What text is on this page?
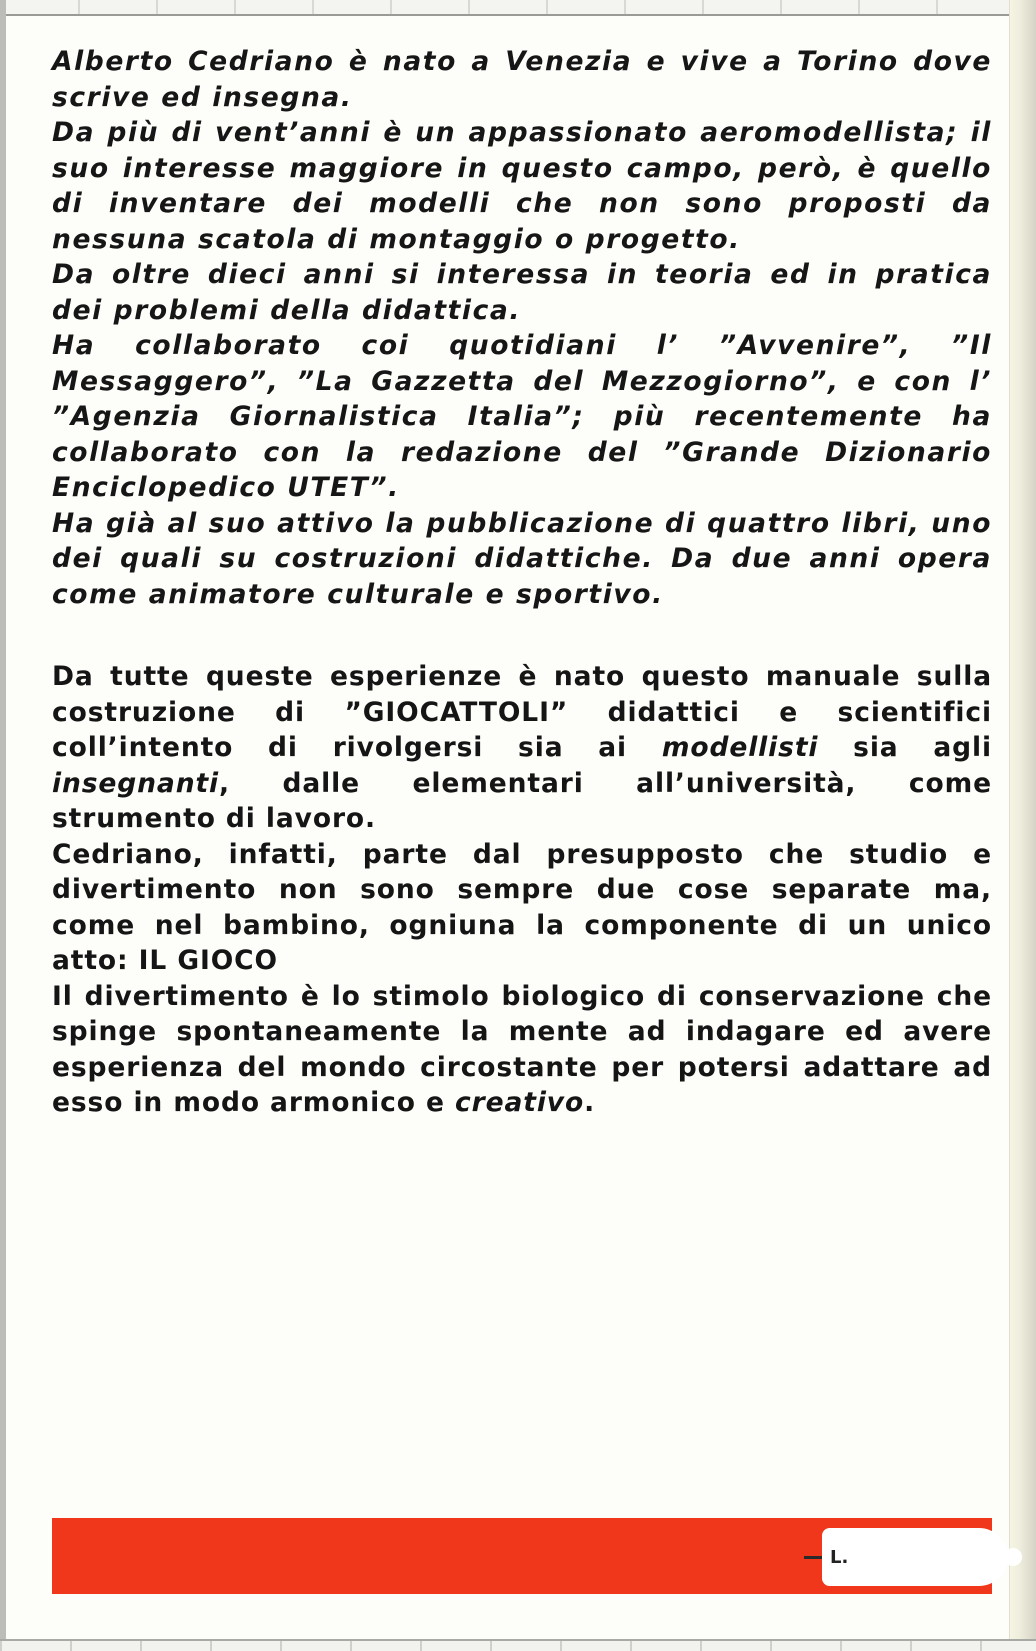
Alberto Cedriano è nato a Venezia e vive a Torino dove scrive ed insegna.

Da più di vent’anni è un appassionato aeromodellista; il suo interesse maggiore in questo campo, però, è quello di inventare dei modelli che non sono proposti da nessuna scatola di montaggio o progetto.

Da oltre dieci anni si interessa in teoria ed in pratica dei problemi della didattica.

Ha collaborato coi quotidiani l’ ”Avvenire”, ”Il Messaggero”, ”La Gazzetta del Mezzogiorno”, e con l’ ”Agenzia Giornalistica Italia”; più recentemente ha collaborato con la redazione del ”Grande Dizionario Enciclopedico UTET”.

Ha già al suo attivo la pubblicazione di quattro libri, uno dei quali su costruzioni didattiche. Da due anni opera come animatore culturale e sportivo.

Da tutte queste esperienze è nato questo manuale sulla costruzione di ”GIOCATTOLI” didattici e scientifici coll’intento di rivolgersi sia ai modellisti sia agli insegnanti, dalle elementari all’università, come strumento di lavoro.

Cedriano, infatti, parte dal presupposto che studio e divertimento non sono sempre due cose separate ma, come nel bambino, ogniuna la componente di un unico atto: IL GIOCO

Il divertimento è lo stimolo biologico di conservazione che spinge spontaneamente la mente ad indagare ed avere esperienza del mondo circostante per potersi adattare ad esso in modo armonico e creativo.

L.
